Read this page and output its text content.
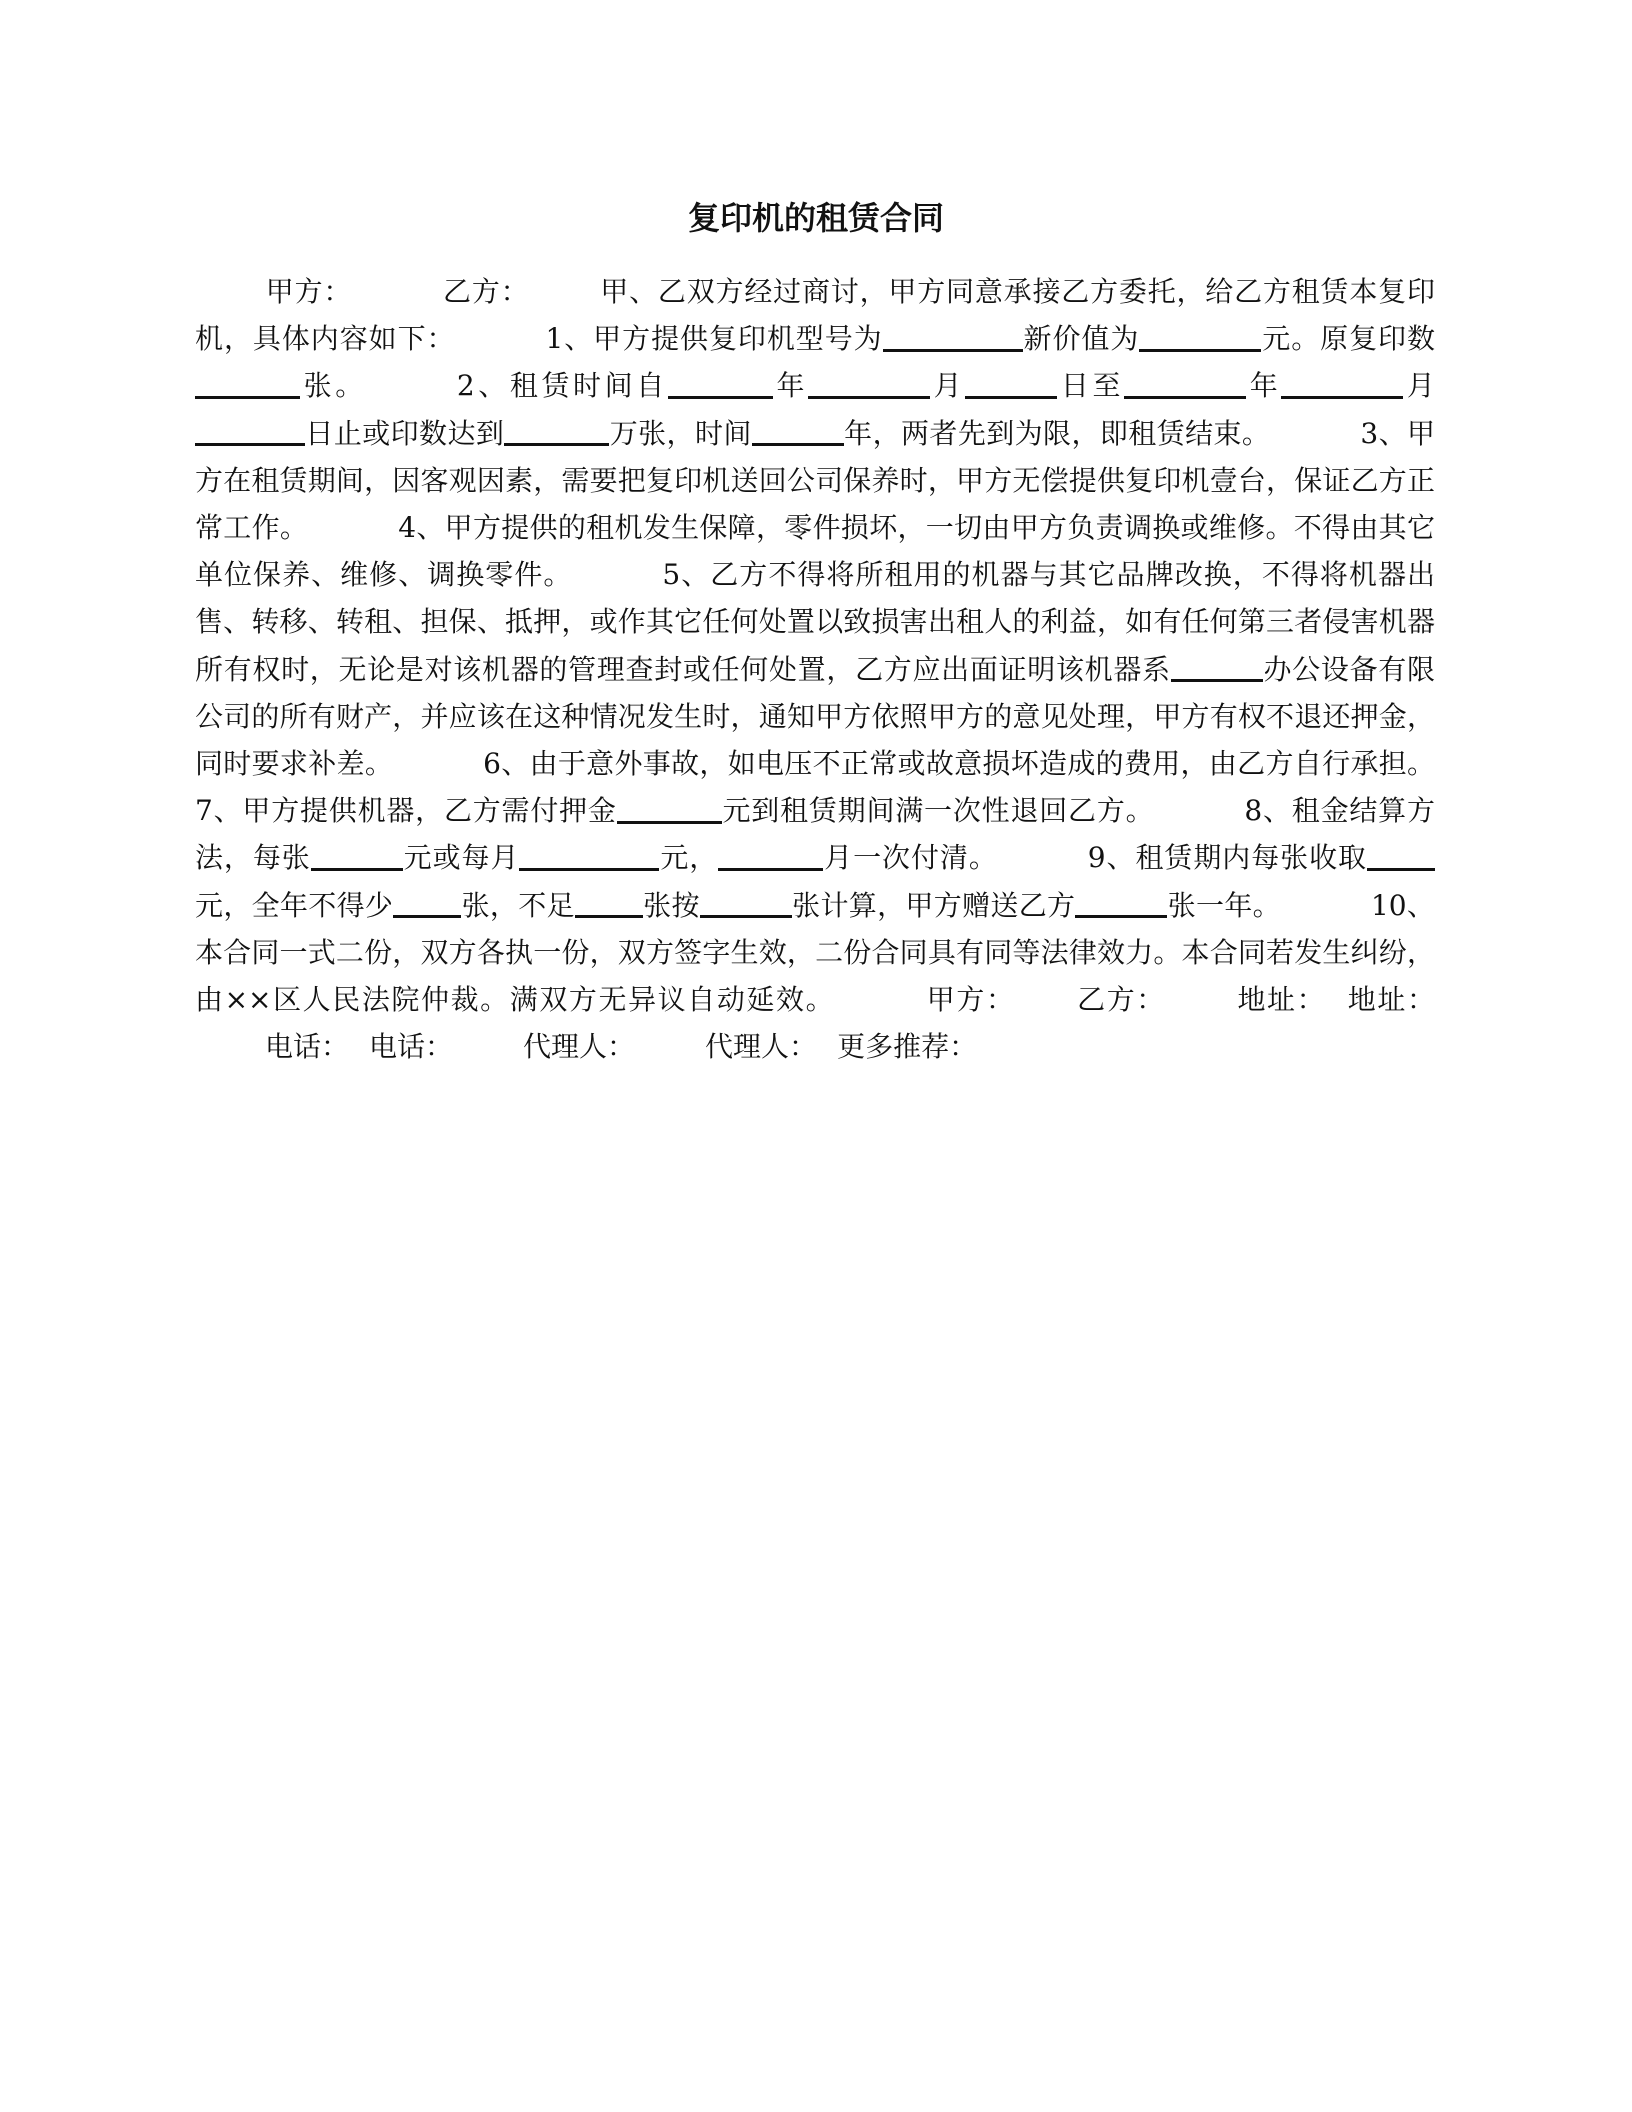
复印机的租赁合同
甲方：	乙方：	甲、乙双方经过商讨，甲方同意承接乙方委托，给乙方租赁本复印机，具体内容如下：	1、甲方提供复印机型号为	新价值为	元。原复印数张。	2、租赁时间自	年	月	日至	年	月日止或印数达到	万张，时间	年，两者先到为限，即租赁结束。	3、甲方在租赁期间，因客观因素，需要把复印机送回公司保养时，甲方无偿提供复印机壹台，保证乙方正常工作。	4、甲方提供的租机发生保障，零件损坏，一切由甲方负责调换或维修。不得由其它单位保养、维修、调换零件。	5、乙方不得将所租用的机器与其它品牌改换，不得将机器出售、转移、转租、担保、抵押，或作其它任何处置以致损害出租人的利益，如有任何第三者侵害机器所有权时，无论是对该机器的管理查封或任何处置，乙方应出面证明该机器系	办公设备有限公司的所有财产，并应该在这种情况发生时，通知甲方依照甲方的意见处理，甲方有权不退还押金，同时要求补差。	6、由于意外事故，如电压不正常或故意损坏造成的费用，由乙方自行承担。7、甲方提供机器，乙方需付押金	元到租赁期间满一次性退回乙方。	8、租金结算方法，每张	元或每月	元，	月一次付清。	9、租赁期内每张收取元，全年不得少 张，不足 张按	张计算，甲方赠送乙方	张一年。	10、本合同一式二份，双方各执一份，双方签字生效，二份合同具有同等法律效力。本合同若发生纠纷，由××区人民法院仲裁。满双方无异议自动延效。	甲方： 乙方：	地址： 地址：电话： 电话：	代理人：	代理人： 更多推荐：
